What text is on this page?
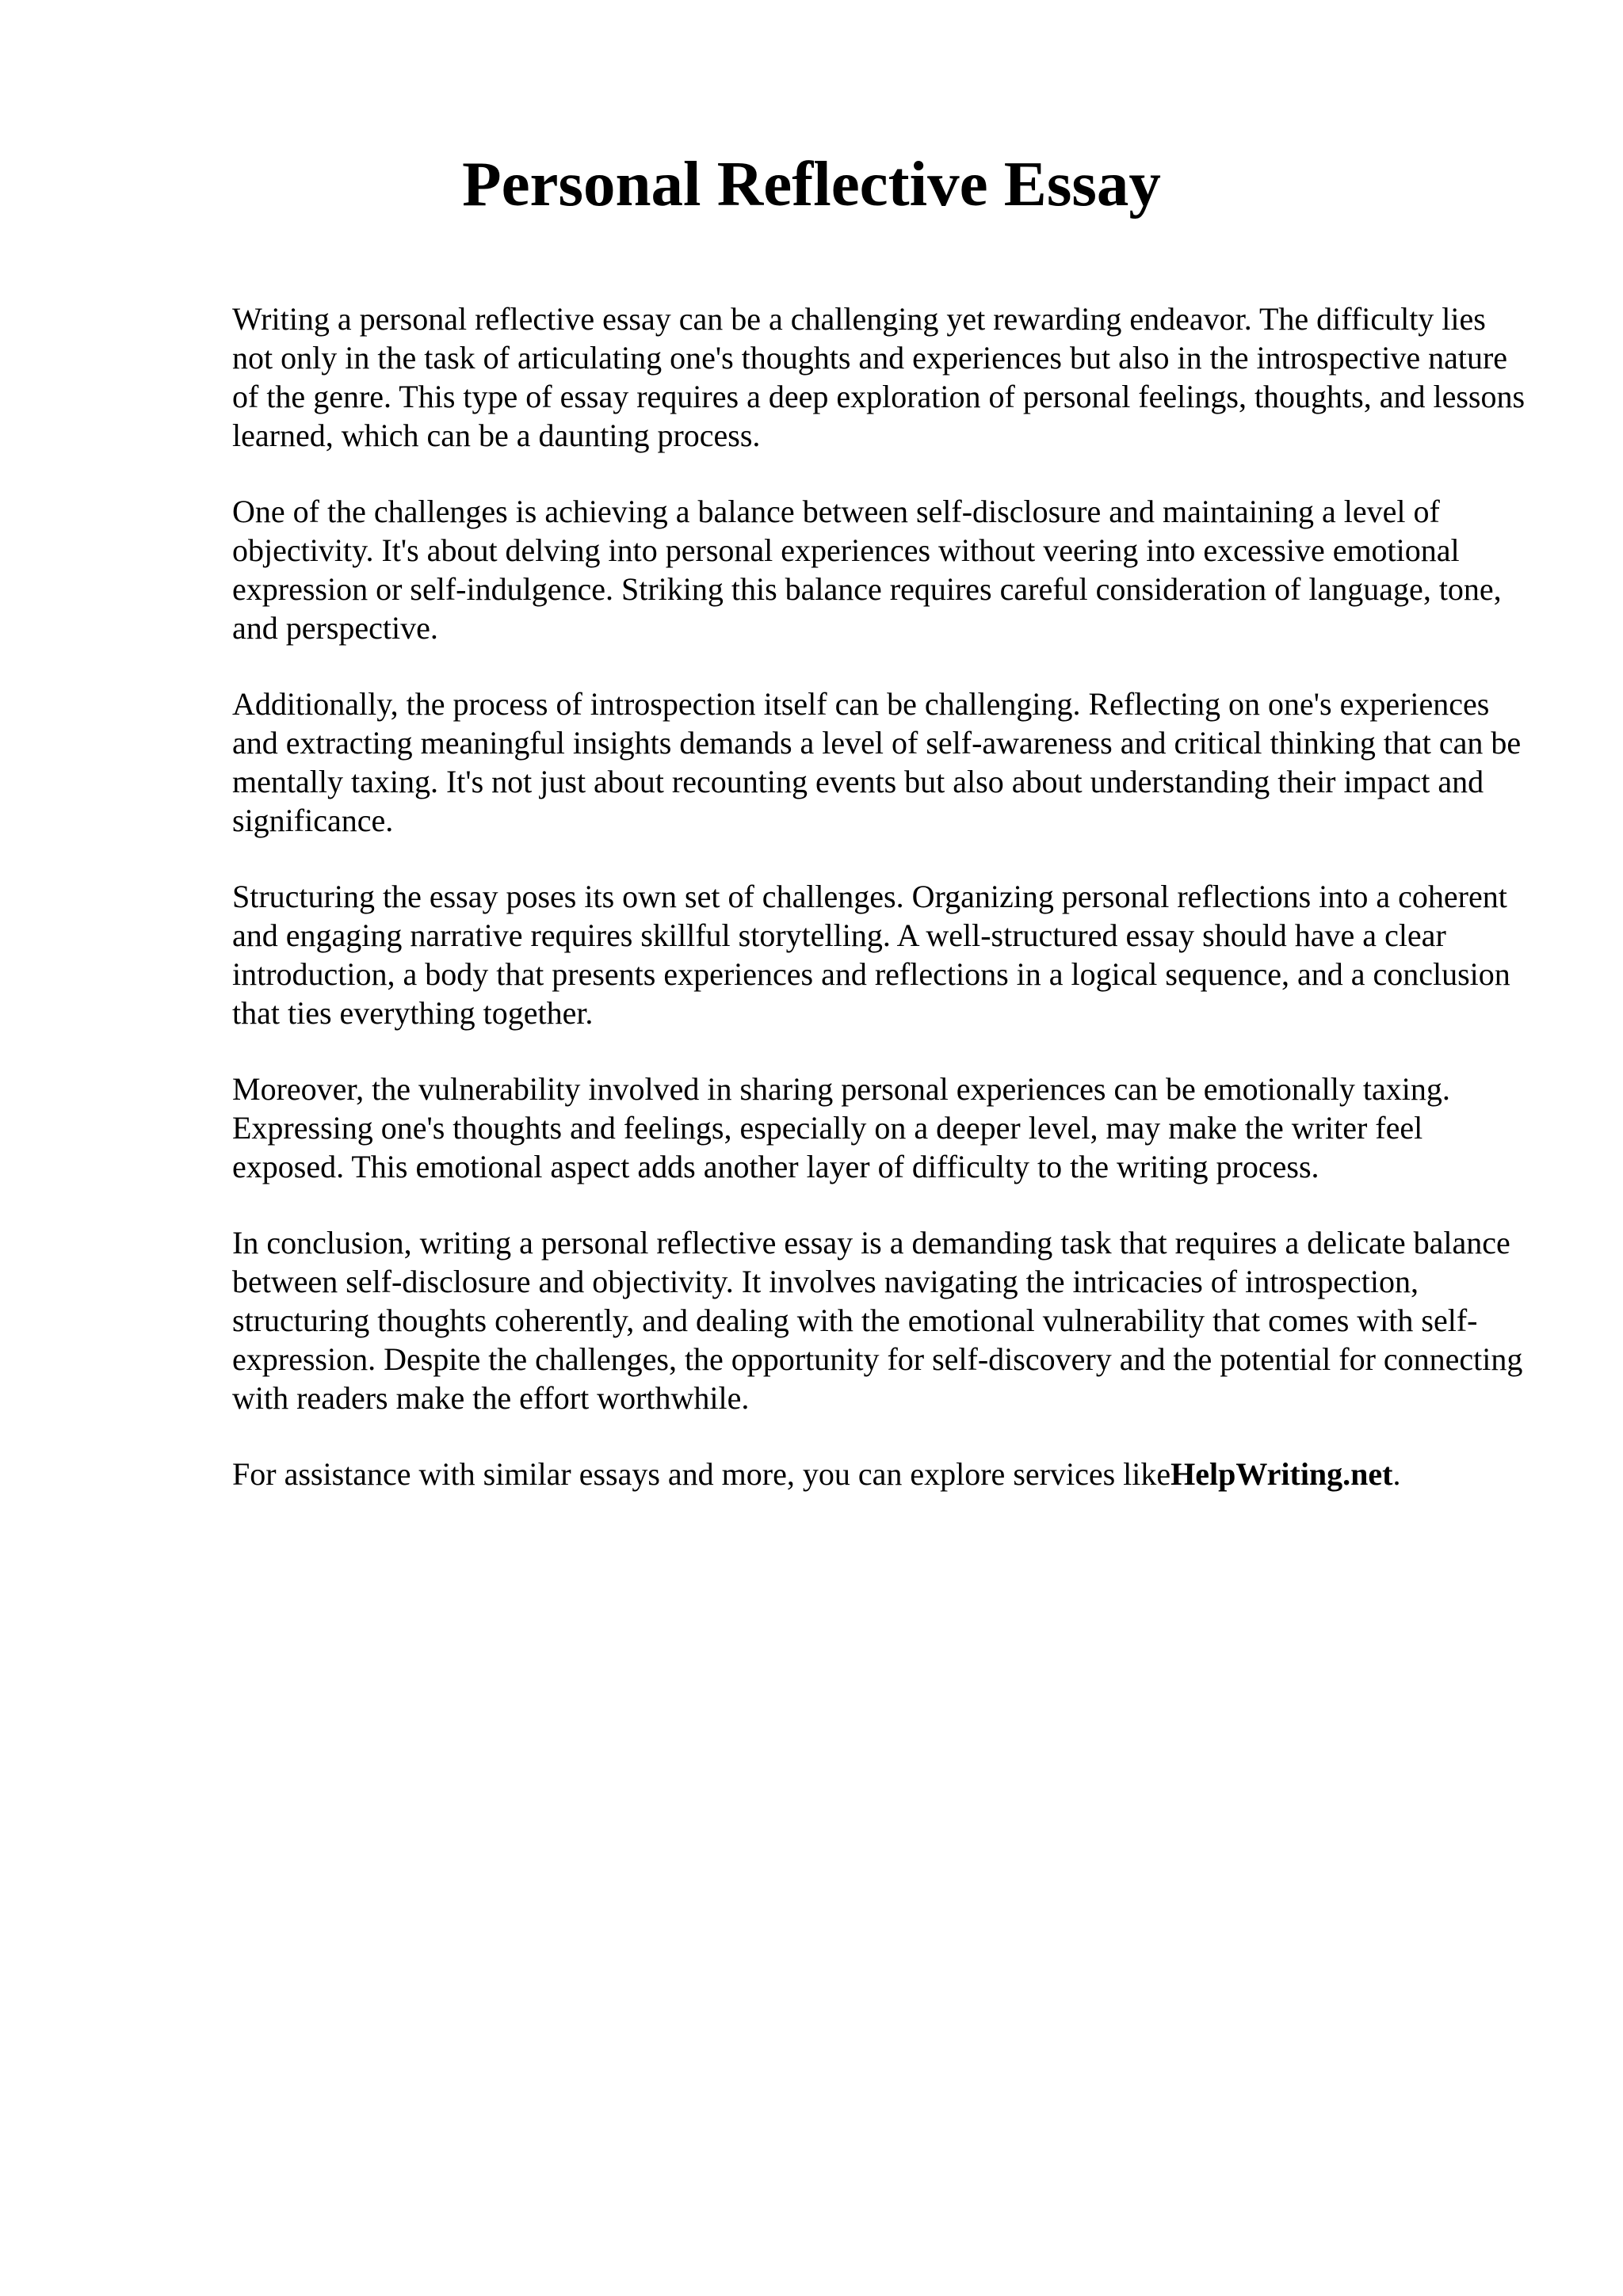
Personal Reflective Essay

Writing a personal reflective essay can be a challenging yet rewarding endeavor. The difficulty lies not only in the task of articulating one's thoughts and experiences but also in the introspective nature of the genre. This type of essay requires a deep exploration of personal feelings, thoughts, and lessons learned, which can be a daunting process.

One of the challenges is achieving a balance between self-disclosure and maintaining a level of objectivity. It's about delving into personal experiences without veering into excessive emotional expression or self-indulgence. Striking this balance requires careful consideration of language, tone, and perspective.

Additionally, the process of introspection itself can be challenging. Reflecting on one's experiences and extracting meaningful insights demands a level of self-awareness and critical thinking that can be mentally taxing. It's not just about recounting events but also about understanding their impact and significance.

Structuring the essay poses its own set of challenges. Organizing personal reflections into a coherent and engaging narrative requires skillful storytelling. A well-structured essay should have a clear introduction, a body that presents experiences and reflections in a logical sequence, and a conclusion that ties everything together.

Moreover, the vulnerability involved in sharing personal experiences can be emotionally taxing. Expressing one's thoughts and feelings, especially on a deeper level, may make the writer feel exposed. This emotional aspect adds another layer of difficulty to the writing process.

In conclusion, writing a personal reflective essay is a demanding task that requires a delicate balance between self-disclosure and objectivity. It involves navigating the intricacies of introspection, structuring thoughts coherently, and dealing with the emotional vulnerability that comes with self-expression. Despite the challenges, the opportunity for self-discovery and the potential for connecting with readers make the effort worthwhile.

For assistance with similar essays and more, you can explore services likeHelpWriting.net.
